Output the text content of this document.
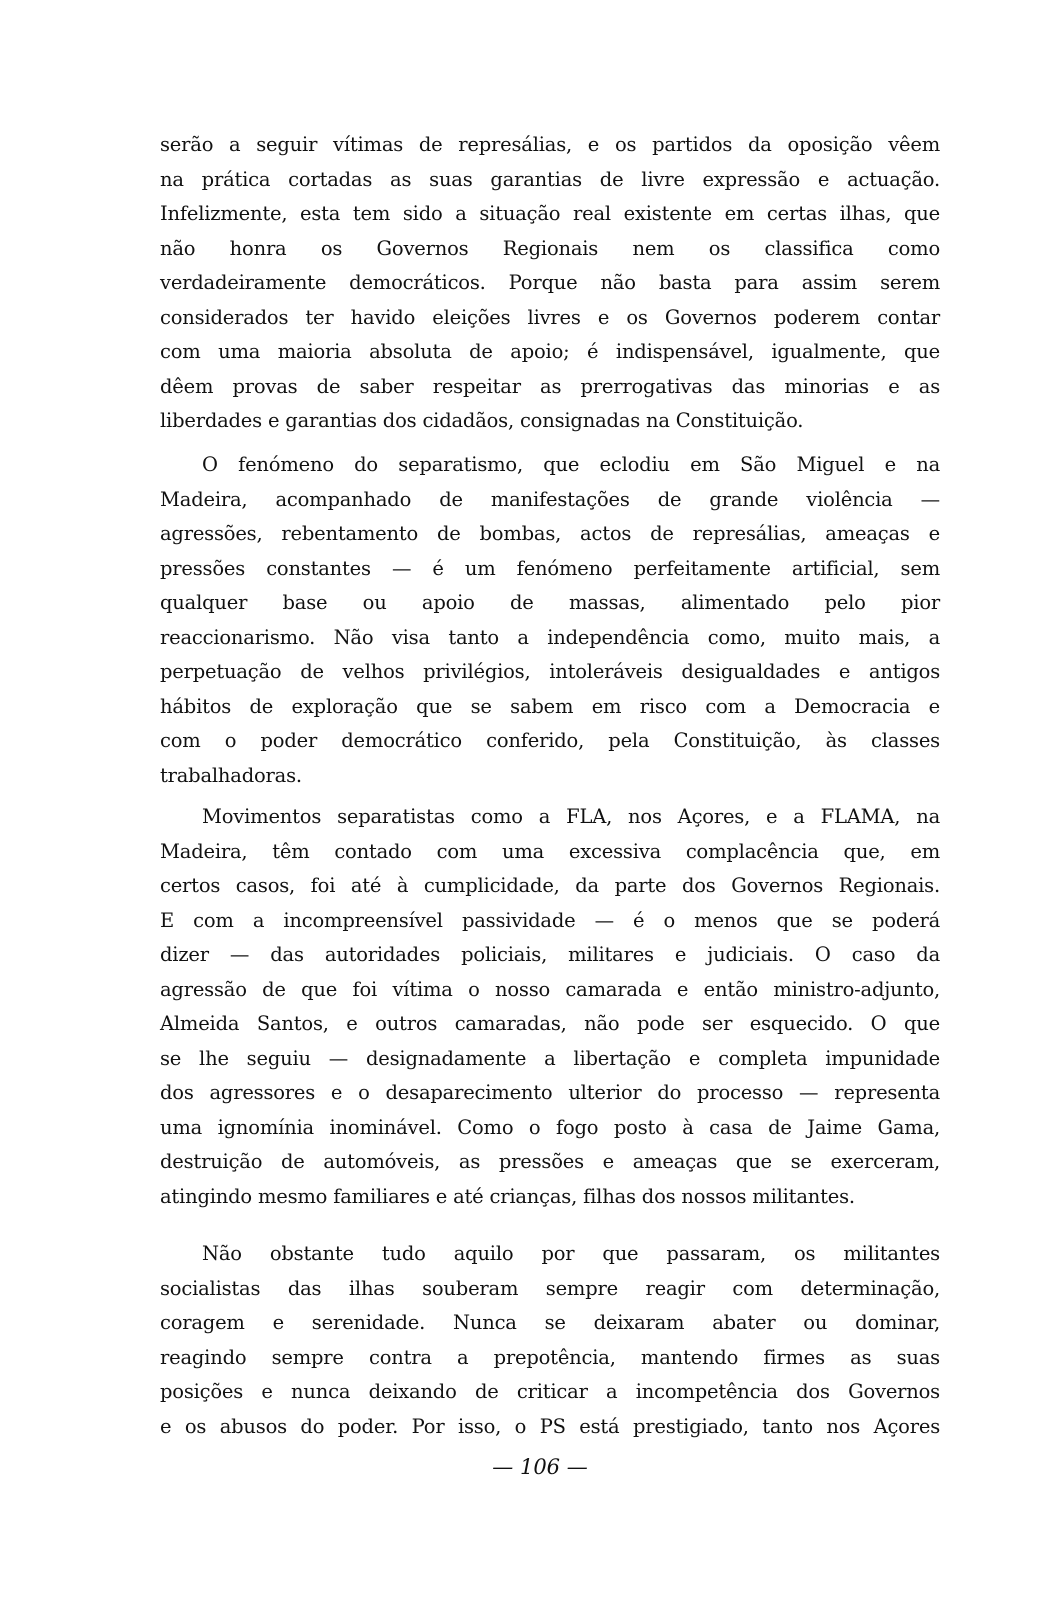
serão a seguir vítimas de represálias, e os partidos da oposição vêem
na prática cortadas as suas garantias de livre expressão e actuação.
Infelizmente, esta tem sido a situação real existente em certas ilhas, que
não honra os Governos Regionais nem os classifica como
verdadeiramente democráticos. Porque não basta para assim serem
considerados ter havido eleições livres e os Governos poderem contar
com uma maioria absoluta de apoio; é indispensável, igualmente, que
dêem provas de saber respeitar as prerrogativas das minorias e as
liberdades e garantias dos cidadãos, consignadas na Constituição.
O fenómeno do separatismo, que eclodiu em São Miguel e na
Madeira, acompanhado de manifestações de grande violência —
agressões, rebentamento de bombas, actos de represálias, ameaças e
pressões constantes — é um fenómeno perfeitamente artificial, sem
qualquer base ou apoio de massas, alimentado pelo pior
reaccionarismo. Não visa tanto a independência como, muito mais, a
perpetuação de velhos privilégios, intoleráveis desigualdades e antigos
hábitos de exploração que se sabem em risco com a Democracia e
com o poder democrático conferido, pela Constituição, às classes
trabalhadoras.
Movimentos separatistas como a FLA, nos Açores, e a FLAMA, na
Madeira, têm contado com uma excessiva complacência que, em
certos casos, foi até à cumplicidade, da parte dos Governos Regionais.
E com a incompreensível passividade — é o menos que se poderá
dizer — das autoridades policiais, militares e judiciais. O caso da
agressão de que foi vítima o nosso camarada e então ministro-adjunto,
Almeida Santos, e outros camaradas, não pode ser esquecido. O que
se lhe seguiu — designadamente a libertação e completa impunidade
dos agressores e o desaparecimento ulterior do processo — representa
uma ignomínia inominável. Como o fogo posto à casa de Jaime Gama,
destruição de automóveis, as pressões e ameaças que se exerceram,
atingindo mesmo familiares e até crianças, filhas dos nossos militantes.
Não obstante tudo aquilo por que passaram, os militantes
socialistas das ilhas souberam sempre reagir com determinação,
coragem e serenidade. Nunca se deixaram abater ou dominar,
reagindo sempre contra a prepotência, mantendo firmes as suas
posições e nunca deixando de criticar a incompetência dos Governos
e os abusos do poder. Por isso, o PS está prestigiado, tanto nos Açores
— 106 —
